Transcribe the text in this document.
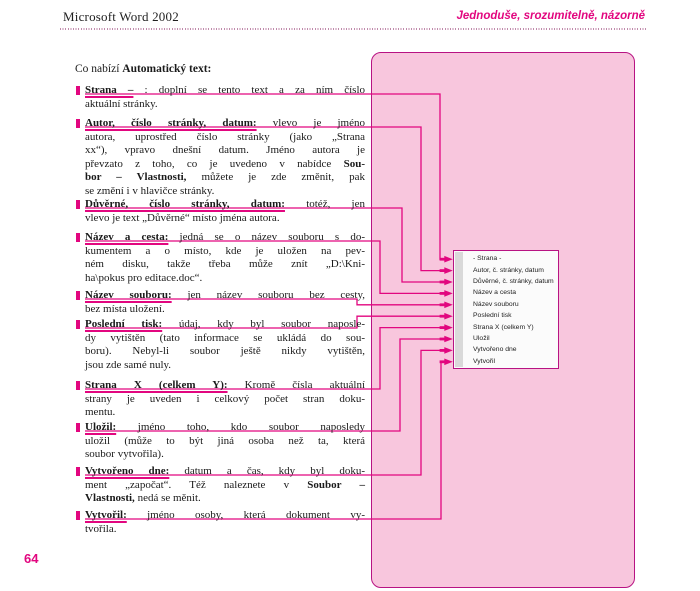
Microsoft Word 2002	Jednoduše, srozumitelně, názorně
Co nabízí Automatický text:
Strana – : doplní se tento text a za ním číslo
aktuální stránky.
Autor, číslo stránky, datum: vlevo je jméno
autora, uprostřed číslo stránky (jako „Strana
xx“), vpravo dnešní datum. Jméno autora je
převzato z toho, co je uvedeno v nabídce Sou-
bor – Vlastnosti, můžete je zde změnit, pak
se změní i v hlavičce stránky.
Důvěrné, číslo stránky, datum: totéž, jen
vlevo je text „Důvěrné“ místo jména autora.
Název a cesta: jedná se o název souboru s do-
kumentem a o místo, kde je uložen na pev-
ném disku, takže třeba může znít „D:\Kni-
ha\pokus pro editace.doc“.
Název souboru: jen název souboru bez cesty,
bez místa uložení.
Poslední tisk: údaj, kdy byl soubor naposle-
dy vytištěn (tato informace se ukládá do sou-
boru). Nebyl-li soubor ještě nikdy vytištěn,
jsou zde samé nuly.
Strana X (celkem Y): Kromě čísla aktuální
strany je uveden i celkový počet stran doku-
mentu.
Uložil: jméno toho, kdo soubor naposledy
uložil (může to být jiná osoba než ta, která
soubor vytvořila).
Vytvořeno dne: datum a čas, kdy byl doku-
ment „započat“. Též naleznete v Soubor –
Vlastnosti, nedá se měnit.
Vytvořil: jméno osoby, která dokument vy-
tvořila.
- Strana -
Autor, č. stránky, datum
Důvěrné, č. stránky, datum
Název a cesta
Název souboru
Poslední tisk
Strana X (celkem Y)
Uložil
Vytvořeno dne
Vytvořil
64
